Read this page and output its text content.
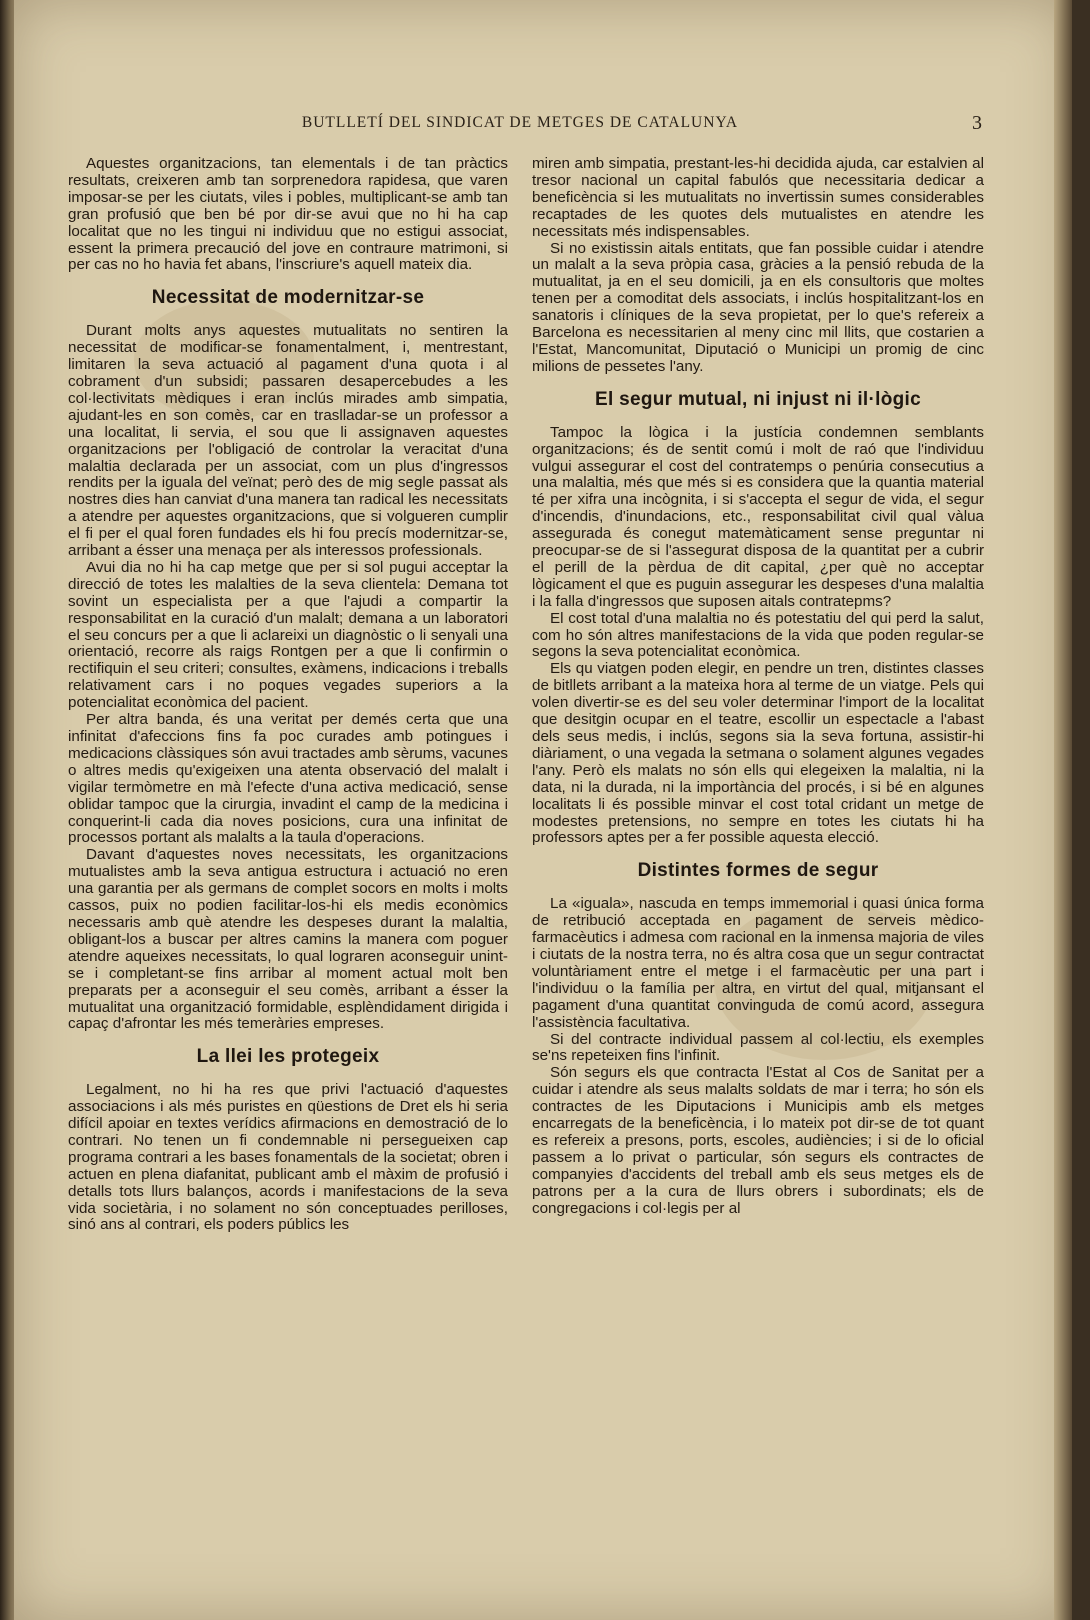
BUTLLETÍ DEL SINDICAT DE METGES DE CATALUNYA	3

Aquestes organitzacions, tan elementals i de tan pràctics resultats, creixeren amb tan sorprenedora rapidesa, que varen imposar-se per les ciutats, viles i pobles, multiplicant-se amb tan gran profusió que ben bé por dir-se avui que no hi ha cap localitat que no les tingui ni individuu que no estigui associat, essent la primera precaució del jove en contraure matrimoni, si per cas no ho havia fet abans, l'inscriure's aquell mateix dia.

Necessitat de modernitzar-se

Durant molts anys aquestes mutualitats no sentiren la necessitat de modificar-se fonamentalment, i, mentrestant, limitaren la seva actuació al pagament d'una quota i al cobrament d'un subsidi; passaren desapercebudes a les col·lectivitats mèdiques i eran inclús mirades amb simpatia, ajudant-les en son comès, car en traslladar-se un professor a una localitat, li servia, el sou que li assignaven aquestes organitzacions per l'obligació de controlar la veracitat d'una malaltia declarada per un associat, com un plus d'ingressos rendits per la iguala del veïnat; però des de mig segle passat als nostres dies han canviat d'una manera tan radical les necessitats a atendre per aquestes organitzacions, que si volgueren cumplir el fi per el qual foren fundades els hi fou precís modernitzar-se, arribant a ésser una menaça per als interessos professionals.

Avui dia no hi ha cap metge que per si sol pugui acceptar la direcció de totes les malalties de la seva clientela: Demana tot sovint un especialista per a que l'ajudi a compartir la responsabilitat en la curació d'un malalt; demana a un laboratori el seu concurs per a que li aclareixi un diagnòstic o li senyali una orientació, recorre als raigs Rontgen per a que li confirmin o rectifiquin el seu criteri; consultes, exàmens, indicacions i treballs relativament cars i no poques vegades superiors a la potencialitat econòmica del pacient.

Per altra banda, és una veritat per demés certa que una infinitat d'afeccions fins fa poc curades amb potingues i medicacions clàssiques són avui tractades amb sèrums, vacunes o altres medis qu'exigeixen una atenta observació del malalt i vigilar termòmetre en mà l'efecte d'una activa medicació, sense oblidar tampoc que la cirurgia, invadint el camp de la medicina i conquerint-li cada dia noves posicions, cura una infinitat de processos portant als malalts a la taula d'operacions.

Davant d'aquestes noves necessitats, les organitzacions mutualistes amb la seva antigua estructura i actuació no eren una garantia per als germans de complet socors en molts i molts cassos, puix no podien facilitar-los-hi els medis econòmics necessaris amb què atendre les despeses durant la malaltia, obligant-los a buscar per altres camins la manera com poguer atendre aqueixes necessitats, lo qual lograren aconseguir unint-se i completant-se fins arribar al moment actual molt ben preparats per a aconseguir el seu comès, arribant a ésser la mutualitat una organització formidable, esplèndidament dirigida i capaç d'afrontar les més temeràries empreses.

La llei les protegeix

Legalment, no hi ha res que privi l'actuació d'aquestes associacions i als més puristes en qüestions de Dret els hi seria difícil apoiar en textes verídics afirmacions en demostració de lo contrari. No tenen un fi condemnable ni persegueixen cap programa contrari a les bases fonamentals de la societat; obren i actuen en plena diafanitat, publicant amb el màxim de profusió i detalls tots llurs balanços, acords i manifestacions de la seva vida societària, i no solament no són conceptuades perilloses, sinó ans al contrari, els poders públics les

miren amb simpatia, prestant-les-hi decidida ajuda, car estalvien al tresor nacional un capital fabulós que necessitaria dedicar a beneficència si les mutualitats no invertissin sumes considerables recaptades de les quotes dels mutualistes en atendre les necessitats més indispensables.

Si no existissin aitals entitats, que fan possible cuidar i atendre un malalt a la seva pròpia casa, gràcies a la pensió rebuda de la mutualitat, ja en el seu domicili, ja en els consultoris que moltes tenen per a comoditat dels associats, i inclús hospitalitzant-los en sanatoris i clíniques de la seva propietat, per lo que's refereix a Barcelona es necessitarien al meny cinc mil llits, que costarien a l'Estat, Mancomunitat, Diputació o Municipi un promig de cinc milions de pessetes l'any.

El segur mutual, ni injust ni il·lògic

Tampoc la lògica i la justícia condemnen semblants organitzacions; és de sentit comú i molt de raó que l'individuu vulgui assegurar el cost del contratemps o penúria consecutius a una malaltia, més que més si es considera que la quantia material té per xifra una incògnita, i si s'accepta el segur de vida, el segur d'incendis, d'inundacions, etc., responsabilitat civil qual vàlua assegurada és conegut matemàticament sense preguntar ni preocupar-se de si l'assegurat disposa de la quantitat per a cubrir el perill de la pèrdua de dit capital, ¿per què no acceptar lògicament el que es puguin assegurar les despeses d'una malaltia i la falla d'ingressos que suposen aitals contratepms?

El cost total d'una malaltia no és potestatiu del qui perd la salut, com ho són altres manifestacions de la vida que poden regular-se segons la seva potencialitat econòmica.

Els qu viatgen poden elegir, en pendre un tren, distintes classes de bitllets arribant a la mateixa hora al terme de un viatge. Pels qui volen divertir-se es del seu voler determinar l'import de la localitat que desitgin ocupar en el teatre, escollir un espectacle a l'abast dels seus medis, i inclús, segons sia la seva fortuna, assistir-hi diàriament, o una vegada la setmana o solament algunes vegades l'any. Però els malats no són ells qui elegeixen la malaltia, ni la data, ni la durada, ni la importància del procés, i si bé en algunes localitats li és possible minvar el cost total cridant un metge de modestes pretensions, no sempre en totes les ciutats hi ha professors aptes per a fer possible aquesta elecció.

Distintes formes de segur

La «iguala», nascuda en temps immemorial i quasi única forma de retribució acceptada en pagament de serveis mèdico-farmacèutics i admesa com racional en la inmensa majoria de viles i ciutats de la nostra terra, no és altra cosa que un segur contractat voluntàriament entre el metge i el farmacèutic per una part i l'individuu o la família per altra, en virtut del qual, mitjansant el pagament d'una quantitat convinguda de comú acord, assegura l'assistència facultativa.

Si del contracte individual passem al col·lectiu, els exemples se'ns repeteixen fins l'infinit.

Són segurs els que contracta l'Estat al Cos de Sanitat per a cuidar i atendre als seus malalts soldats de mar i terra; ho són els contractes de les Diputacions i Municipis amb els metges encarregats de la beneficència, i lo mateix pot dir-se de tot quant es refereix a presons, ports, escoles, audiències; i si de lo oficial passem a lo privat o particular, són segurs els contractes de companyies d'accidents del treball amb els seus metges els de patrons per a la cura de llurs obrers i subordinats; els de congregacions i col·legis per al
